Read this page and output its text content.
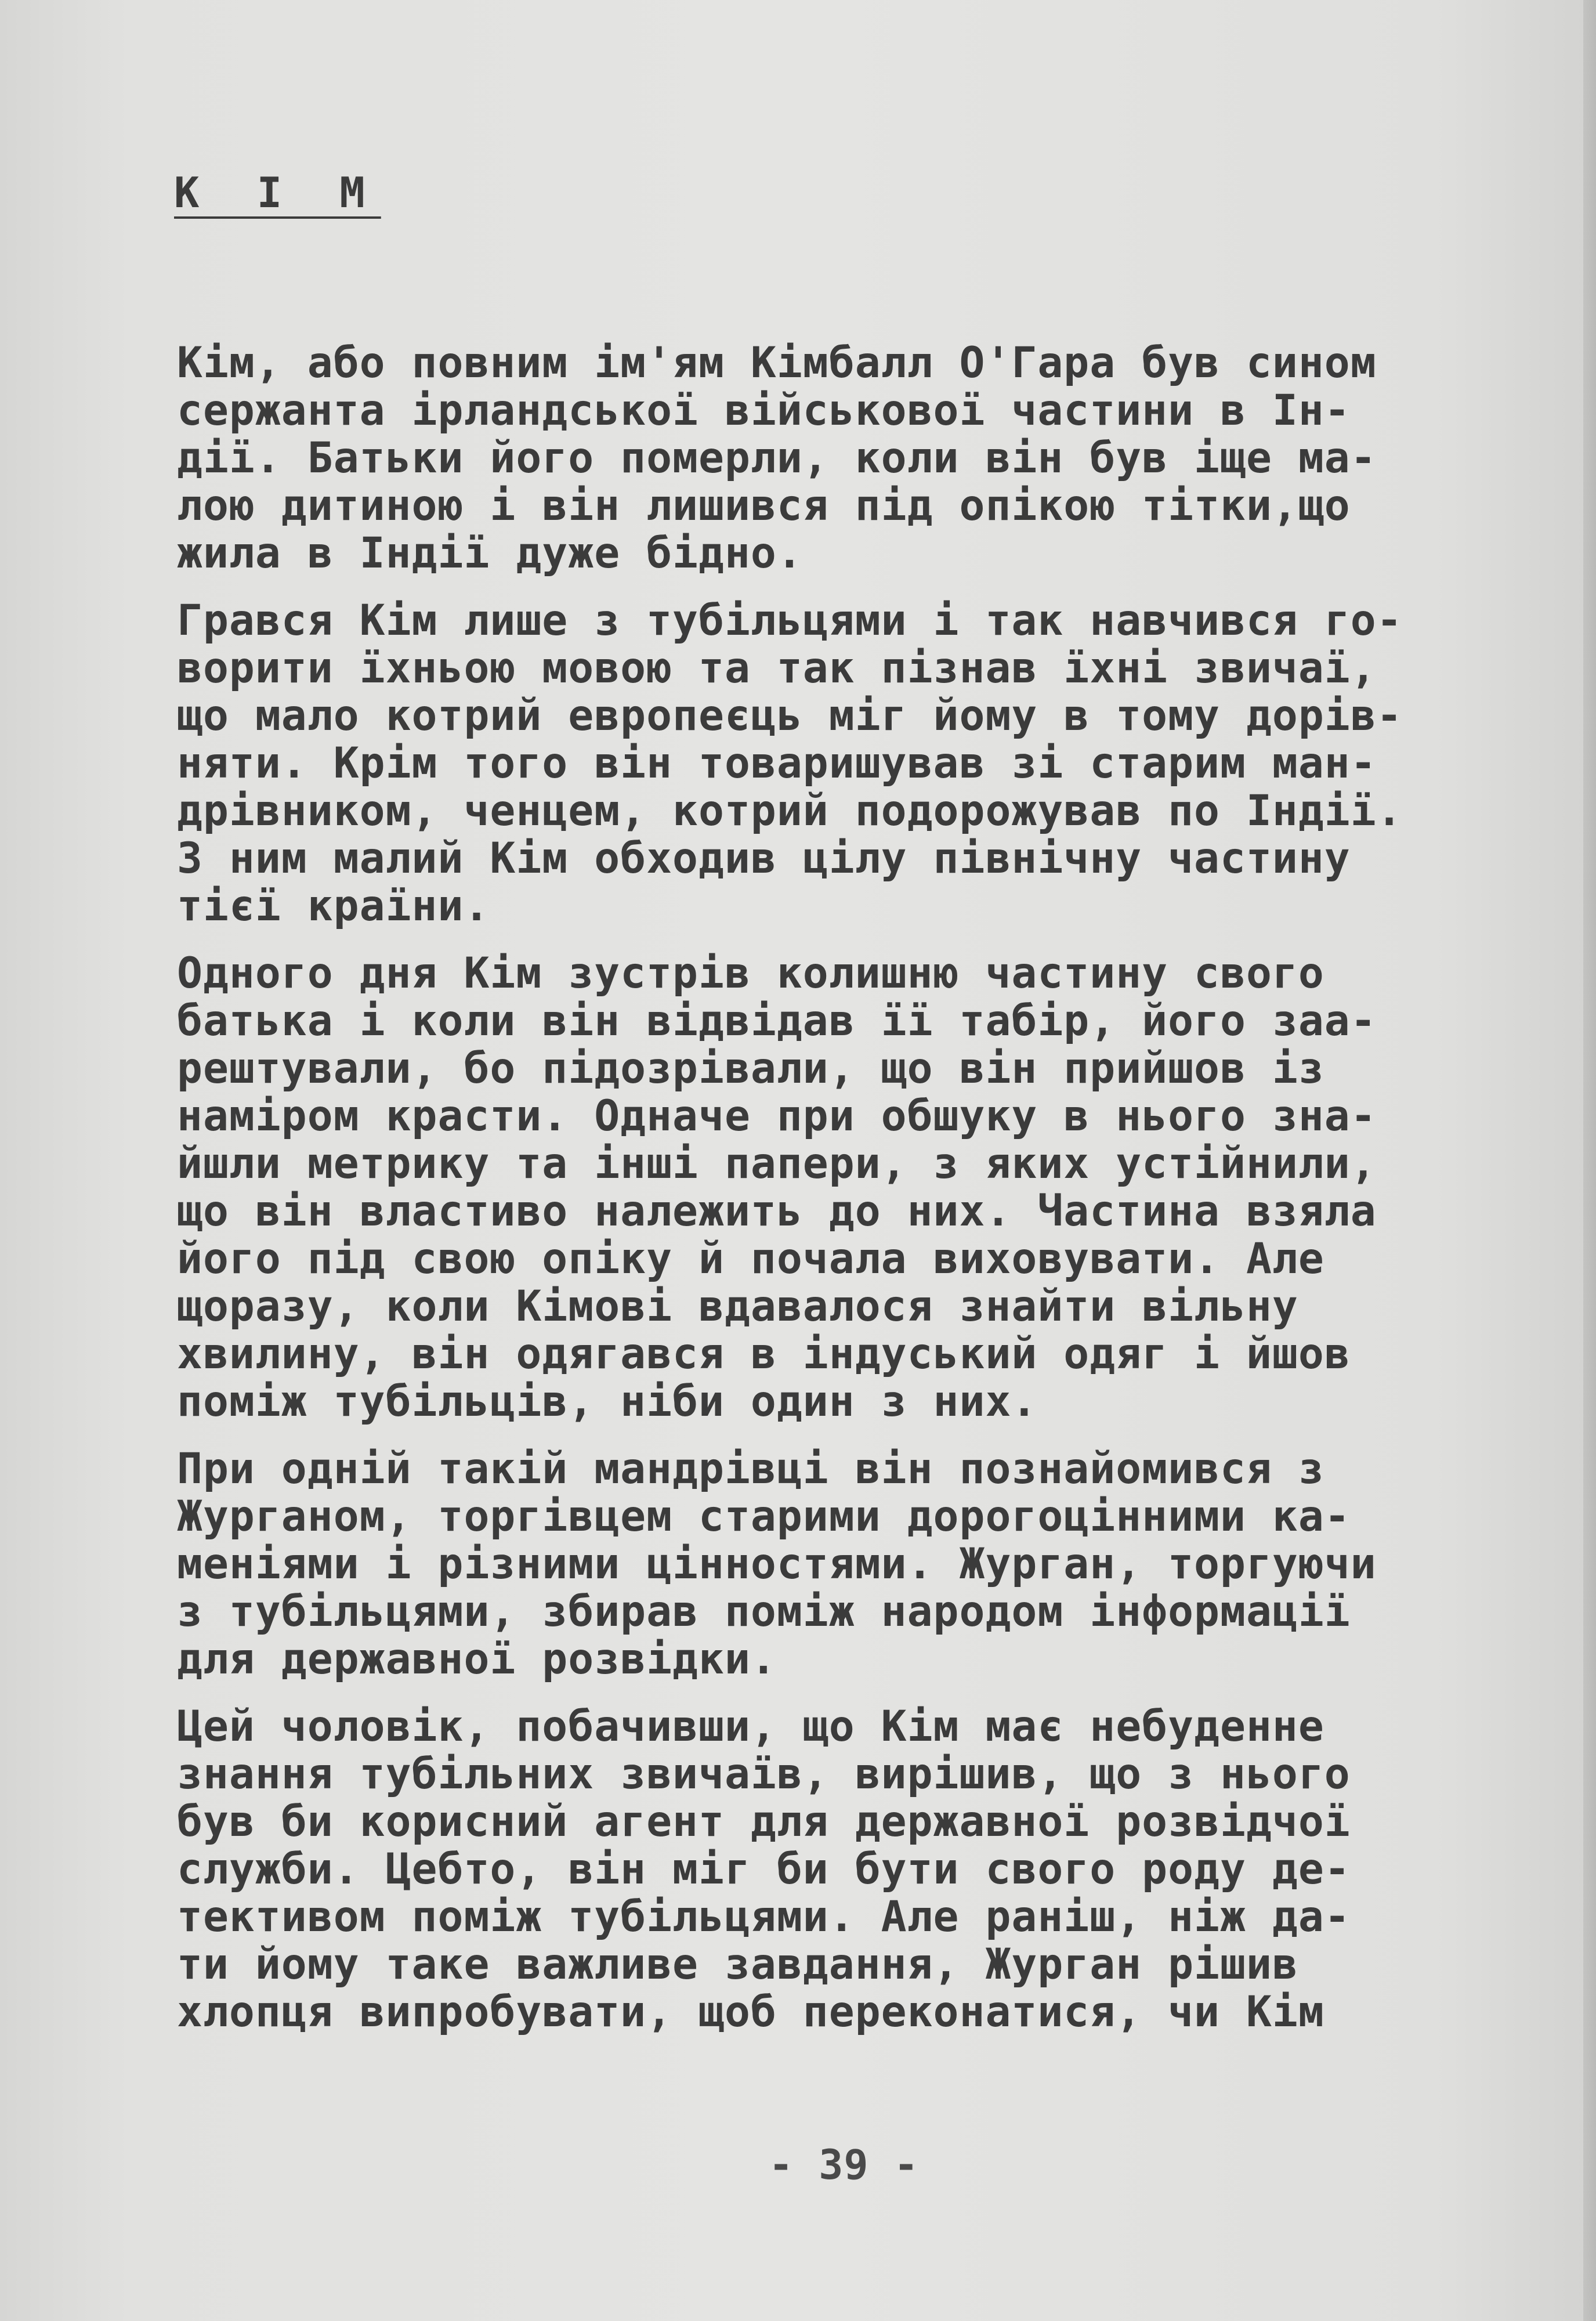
К І М
Кім, або повним ім'ям Кімбалл О'Гара був сином
сержанта ірландської військової частини в Ін-
дії. Батьки його померли, коли він був іще ма-
лою дитиною і він лишився під опікою тітки,що
жила в Індії дуже бідно.
Грався Кім лише з тубільцями і так навчився го-
ворити їхньою мовою та так пізнав їхні звичаї,
що мало котрий европеєць міг йому в тому дорів-
няти. Крім того він товаришував зі старим ман-
дрівником, ченцем, котрий подорожував по Індії.
З ним малий Кім обходив цілу північну частину
тієї країни.
Одного дня Кім зустрів колишню частину свого
батька і коли він відвідав її табір, його заа-
рештували, бо підозрівали, що він прийшов із
наміром красти. Одначе при обшуку в нього зна-
йшли метрику та інші папери, з яких устійнили,
що він властиво належить до них. Частина взяла
його під свою опіку й почала виховувати. Але
щоразу, коли Кімові вдавалося знайти вільну
хвилину, він одягався в індуський одяг і йшов
поміж тубільців, ніби один з них.
При одній такій мандрівці він познайомився з
Журганом, торгівцем старими дорогоцінними ка-
меніями і різними цінностями. Журган, торгуючи
з тубільцями, збирав поміж народом інформації
для державної розвідки.
Цей чоловік, побачивши, що Кім має небуденне
знання тубільних звичаїв, вирішив, що з нього
був би корисний агент для державної розвідчої
служби. Цебто, він міг би бути свого роду де-
тективом поміж тубільцями. Але раніш, ніж да-
ти йому таке важливе завдання, Журган рішив
хлопця випробувати, щоб переконатися, чи Кім
- 39 -
